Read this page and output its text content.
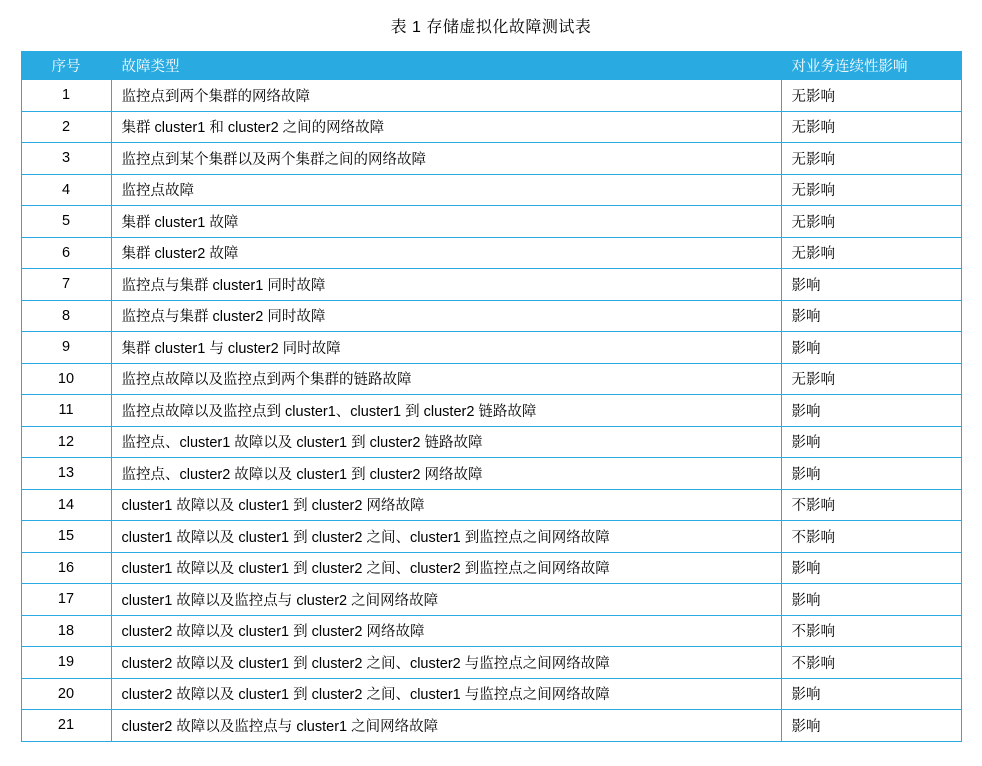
表 1 存储虚拟化故障测试表
序号	故障类型	对业务连续性影响
1	监控点到两个集群的网络故障	无影响
2	集群 cluster1 和 cluster2 之间的网络故障	无影响
3	监控点到某个集群以及两个集群之间的网络故障	无影响
4	监控点故障	无影响
5	集群 cluster1 故障	无影响
6	集群 cluster2 故障	无影响
7	监控点与集群 cluster1 同时故障	影响
8	监控点与集群 cluster2 同时故障	影响
9	集群 cluster1 与 cluster2 同时故障	影响
10	监控点故障以及监控点到两个集群的链路故障	无影响
11	监控点故障以及监控点到 cluster1、cluster1 到 cluster2 链路故障	影响
12	监控点、cluster1 故障以及 cluster1 到 cluster2 链路故障	影响
13	监控点、cluster2 故障以及 cluster1 到 cluster2 网络故障	影响
14	cluster1 故障以及 cluster1 到 cluster2 网络故障	不影响
15	cluster1 故障以及 cluster1 到 cluster2 之间、cluster1 到监控点之间网络故障	不影响
16	cluster1 故障以及 cluster1 到 cluster2 之间、cluster2 到监控点之间网络故障	影响
17	cluster1 故障以及监控点与 cluster2 之间网络故障	影响
18	cluster2 故障以及 cluster1 到 cluster2 网络故障	不影响
19	cluster2 故障以及 cluster1 到 cluster2 之间、cluster2 与监控点之间网络故障	不影响
20	cluster2 故障以及 cluster1 到 cluster2 之间、cluster1 与监控点之间网络故障	影响
21	cluster2 故障以及监控点与 cluster1 之间网络故障	影响
